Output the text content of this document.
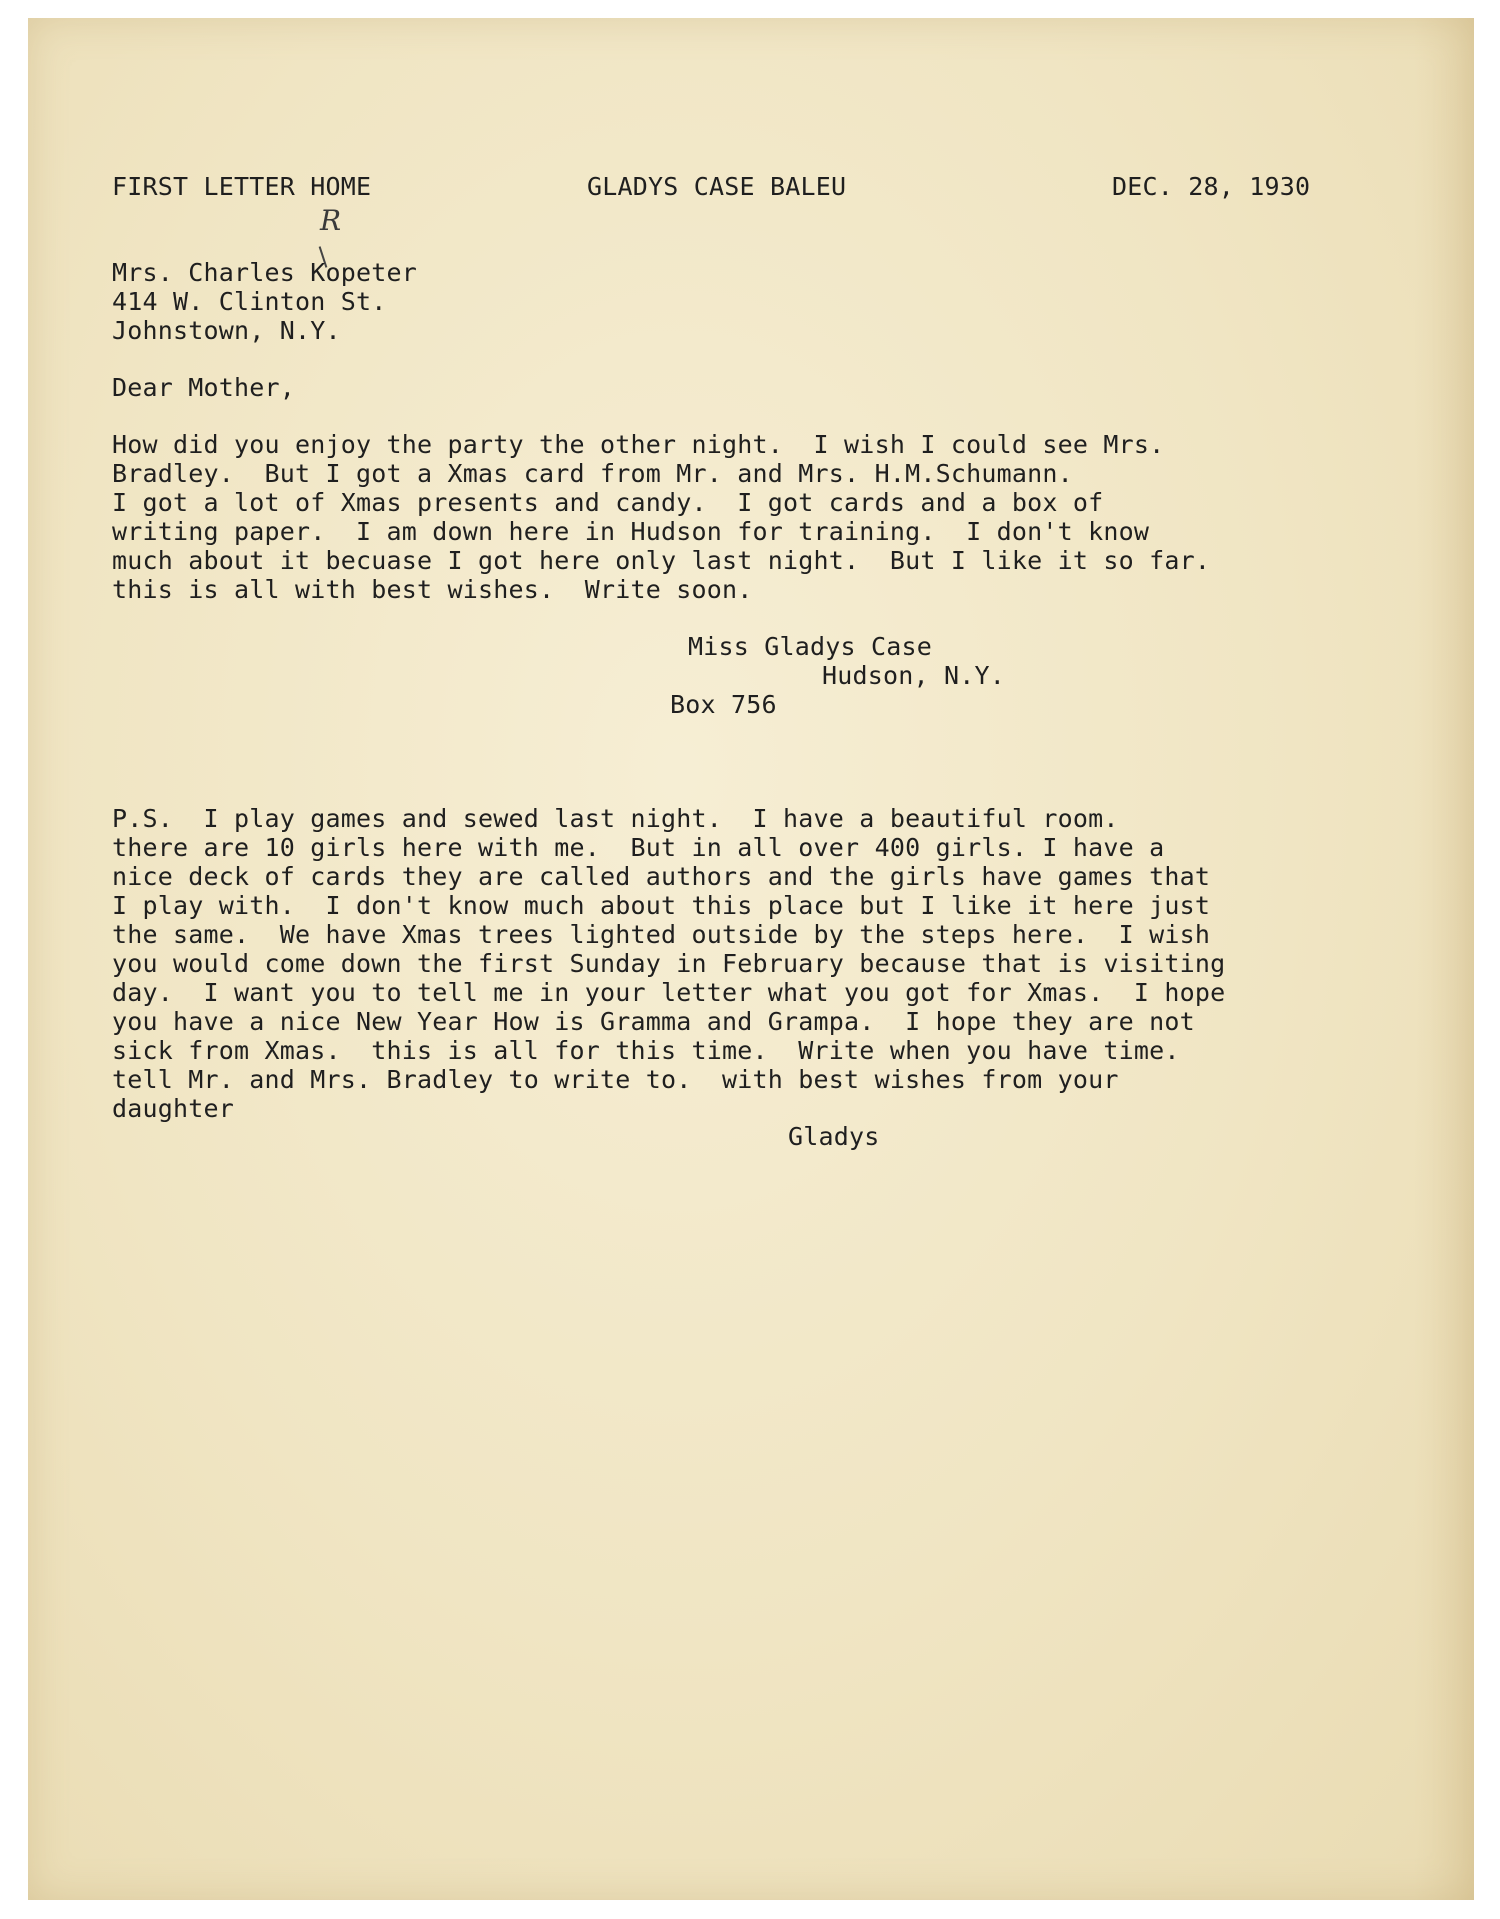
FIRST LETTER HOME	GLADYS CASE BALEU	DEC. 28, 1930
R
Mrs. Charles Kopeter
414 W. Clinton St.
Johnstown, N.Y.
Dear Mother,
How did you enjoy the party the other night.  I wish I could see Mrs.
Bradley.  But I got a Xmas card from Mr. and Mrs. H.M.Schumann.
I got a lot of Xmas presents and candy.  I got cards and a box of
writing paper.  I am down here in Hudson for training.  I don't know
much about it becuase I got here only last night.  But I like it so far.
this is all with best wishes.  Write soon.
Miss Gladys Case
Hudson, N.Y.
Box 756
P.S.  I play games and sewed last night.  I have a beautiful room.
there are 10 girls here with me.  But in all over 400 girls. I have a
nice deck of cards they are called authors and the girls have games that
I play with.  I don't know much about this place but I like it here just
the same.  We have Xmas trees lighted outside by the steps here.  I wish
you would come down the first Sunday in February because that is visiting
day.  I want you to tell me in your letter what you got for Xmas.  I hope
you have a nice New Year How is Gramma and Grampa.  I hope they are not
sick from Xmas.  this is all for this time.  Write when you have time.
tell Mr. and Mrs. Bradley to write to.  with best wishes from your
daughter
Gladys
